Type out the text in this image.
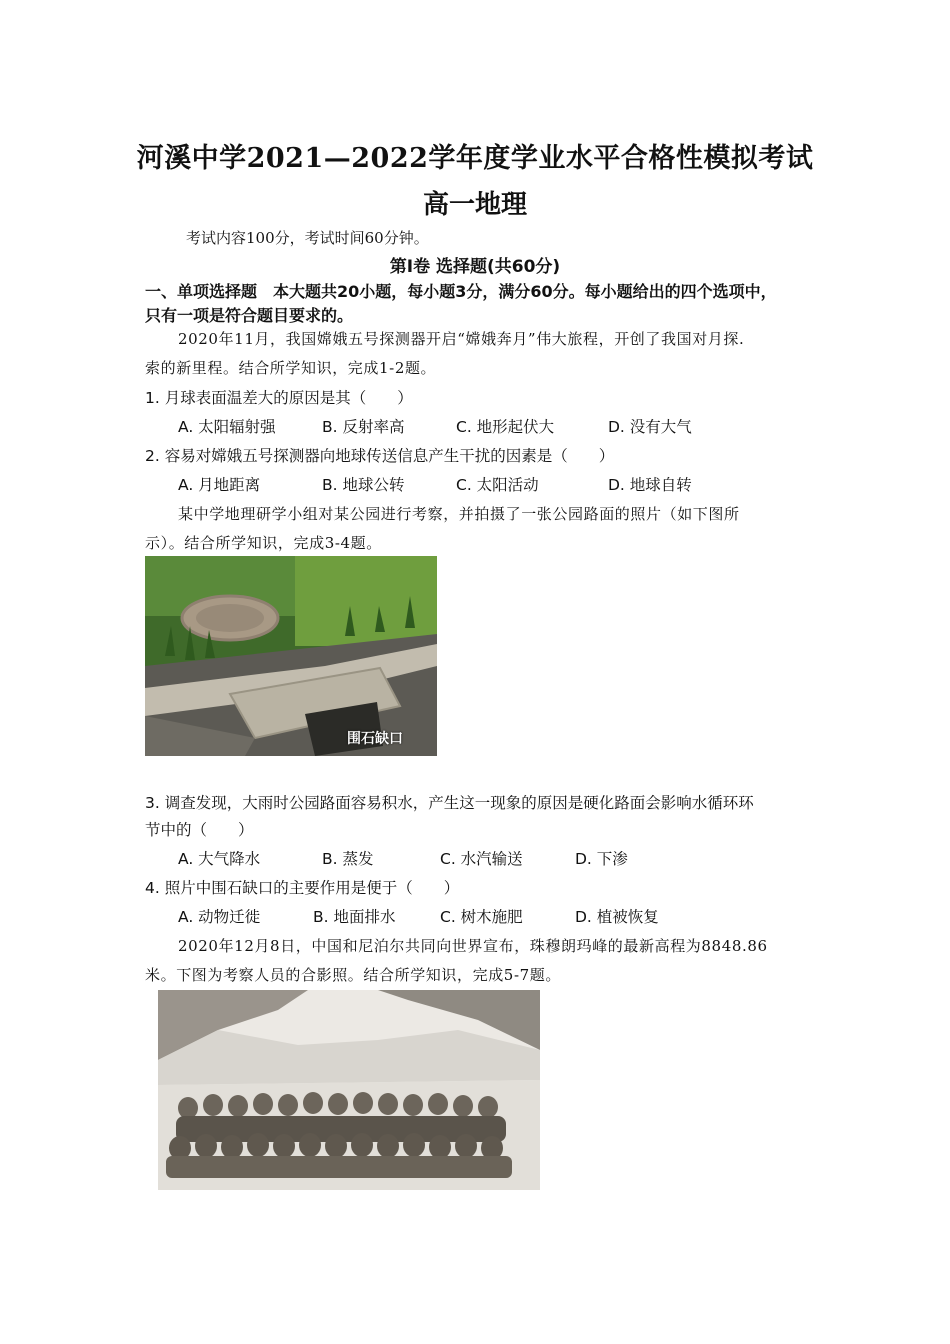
河溪中学2021—2022学年度学业水平合格性模拟考试
高一地理
考试内容100分，考试时间60分钟。
第Ⅰ卷 选择题(共60分)
一、单项选择题　本大题共20小题，每小题3分，满分60分。每小题给出的四个选项中，
只有一项是符合题目要求的。
2020年11月，我国嫦娥五号探测器开启“嫦娥奔月”伟大旅程，开创了我国对月探.
索的新里程。结合所学知识，完成1-2题。
1. 月球表面温差大的原因是其（　　）
A. 太阳辐射强	B. 反射率高	C. 地形起伏大	D. 没有大气
2. 容易对嫦娥五号探测器向地球传送信息产生干扰的因素是（　　）
A. 月地距离	B. 地球公转	C. 太阳活动	D. 地球自转
某中学地理研学小组对某公园进行考察，并拍摄了一张公园路面的照片（如下图所
示）。结合所学知识，完成3-4题。
围石缺口
3. 调查发现，大雨时公园路面容易积水，产生这一现象的原因是硬化路面会影响水循环环
节中的（　　）
A. 大气降水	B. 蒸发	C. 水汽输送	D. 下渗
4. 照片中围石缺口的主要作用是便于（　　）
A. 动物迁徙	B. 地面排水	C. 树木施肥	D. 植被恢复
2020年12月8日，中国和尼泊尔共同向世界宣布，珠穆朗玛峰的最新高程为8848.86
米。下图为考察人员的合影照。结合所学知识，完成5-7题。
